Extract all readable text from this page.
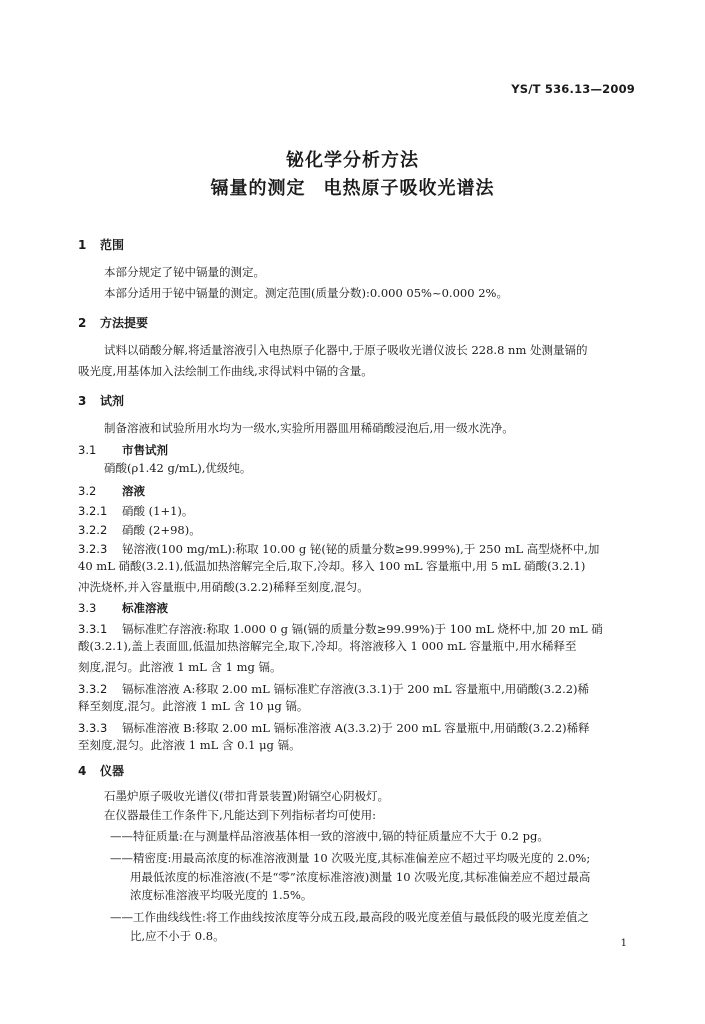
YS/T 536.13—2009
铋化学分析方法
镉量的测定 电热原子吸收光谱法
1 范围
本部分规定了铋中镉量的测定。
本部分适用于铋中镉量的测定。测定范围(质量分数):0.000 05%~0.000 2%。
2 方法提要
试料以硝酸分解,将适量溶液引入电热原子化器中,于原子吸收光谱仪波长 228.8 nm 处测量镉的
吸光度,用基体加入法绘制工作曲线,求得试料中镉的含量。
3 试剂
制备溶液和试验所用水均为一级水,实验所用器皿用稀硝酸浸泡后,用一级水洗净。
3.1 市售试剂
硝酸(ρ1.42 g/mL),优级纯。
3.2 溶液
3.2.1 硝酸 (1+1)。
3.2.2 硝酸 (2+98)。
3.2.3 铋溶液(100 mg/mL):称取 10.00 g 铋(铋的质量分数≥99.999%),于 250 mL 高型烧杯中,加
40 mL 硝酸(3.2.1),低温加热溶解完全后,取下,冷却。移入 100 mL 容量瓶中,用 5 mL 硝酸(3.2.1)
冲洗烧杯,并入容量瓶中,用硝酸(3.2.2)稀释至刻度,混匀。
3.3 标准溶液
3.3.1 镉标准贮存溶液:称取 1.000 0 g 镉(镉的质量分数≥99.99%)于 100 mL 烧杯中,加 20 mL 硝
酸(3.2.1),盖上表面皿,低温加热溶解完全,取下,冷却。将溶液移入 1 000 mL 容量瓶中,用水稀释至
刻度,混匀。此溶液 1 mL 含 1 mg 镉。
3.3.2 镉标准溶液 A:移取 2.00 mL 镉标准贮存溶液(3.3.1)于 200 mL 容量瓶中,用硝酸(3.2.2)稀
释至刻度,混匀。此溶液 1 mL 含 10 μg 镉。
3.3.3 镉标准溶液 B:移取 2.00 mL 镉标准溶液 A(3.3.2)于 200 mL 容量瓶中,用硝酸(3.2.2)稀释
至刻度,混匀。此溶液 1 mL 含 0.1 μg 镉。
4 仪器
石墨炉原子吸收光谱仪(带扣背景装置)附镉空心阴极灯。
在仪器最佳工作条件下,凡能达到下列指标者均可使用:
——特征质量:在与测量样品溶液基体相一致的溶液中,镉的特征质量应不大于 0.2 pg。
——精密度:用最高浓度的标准溶液测量 10 次吸光度,其标准偏差应不超过平均吸光度的 2.0%;
用最低浓度的标准溶液(不是“零”浓度标准溶液)测量 10 次吸光度,其标准偏差应不超过最高
浓度标准溶液平均吸光度的 1.5%。
——工作曲线线性:将工作曲线按浓度等分成五段,最高段的吸光度差值与最低段的吸光度差值之
比,应不小于 0.8。
1
